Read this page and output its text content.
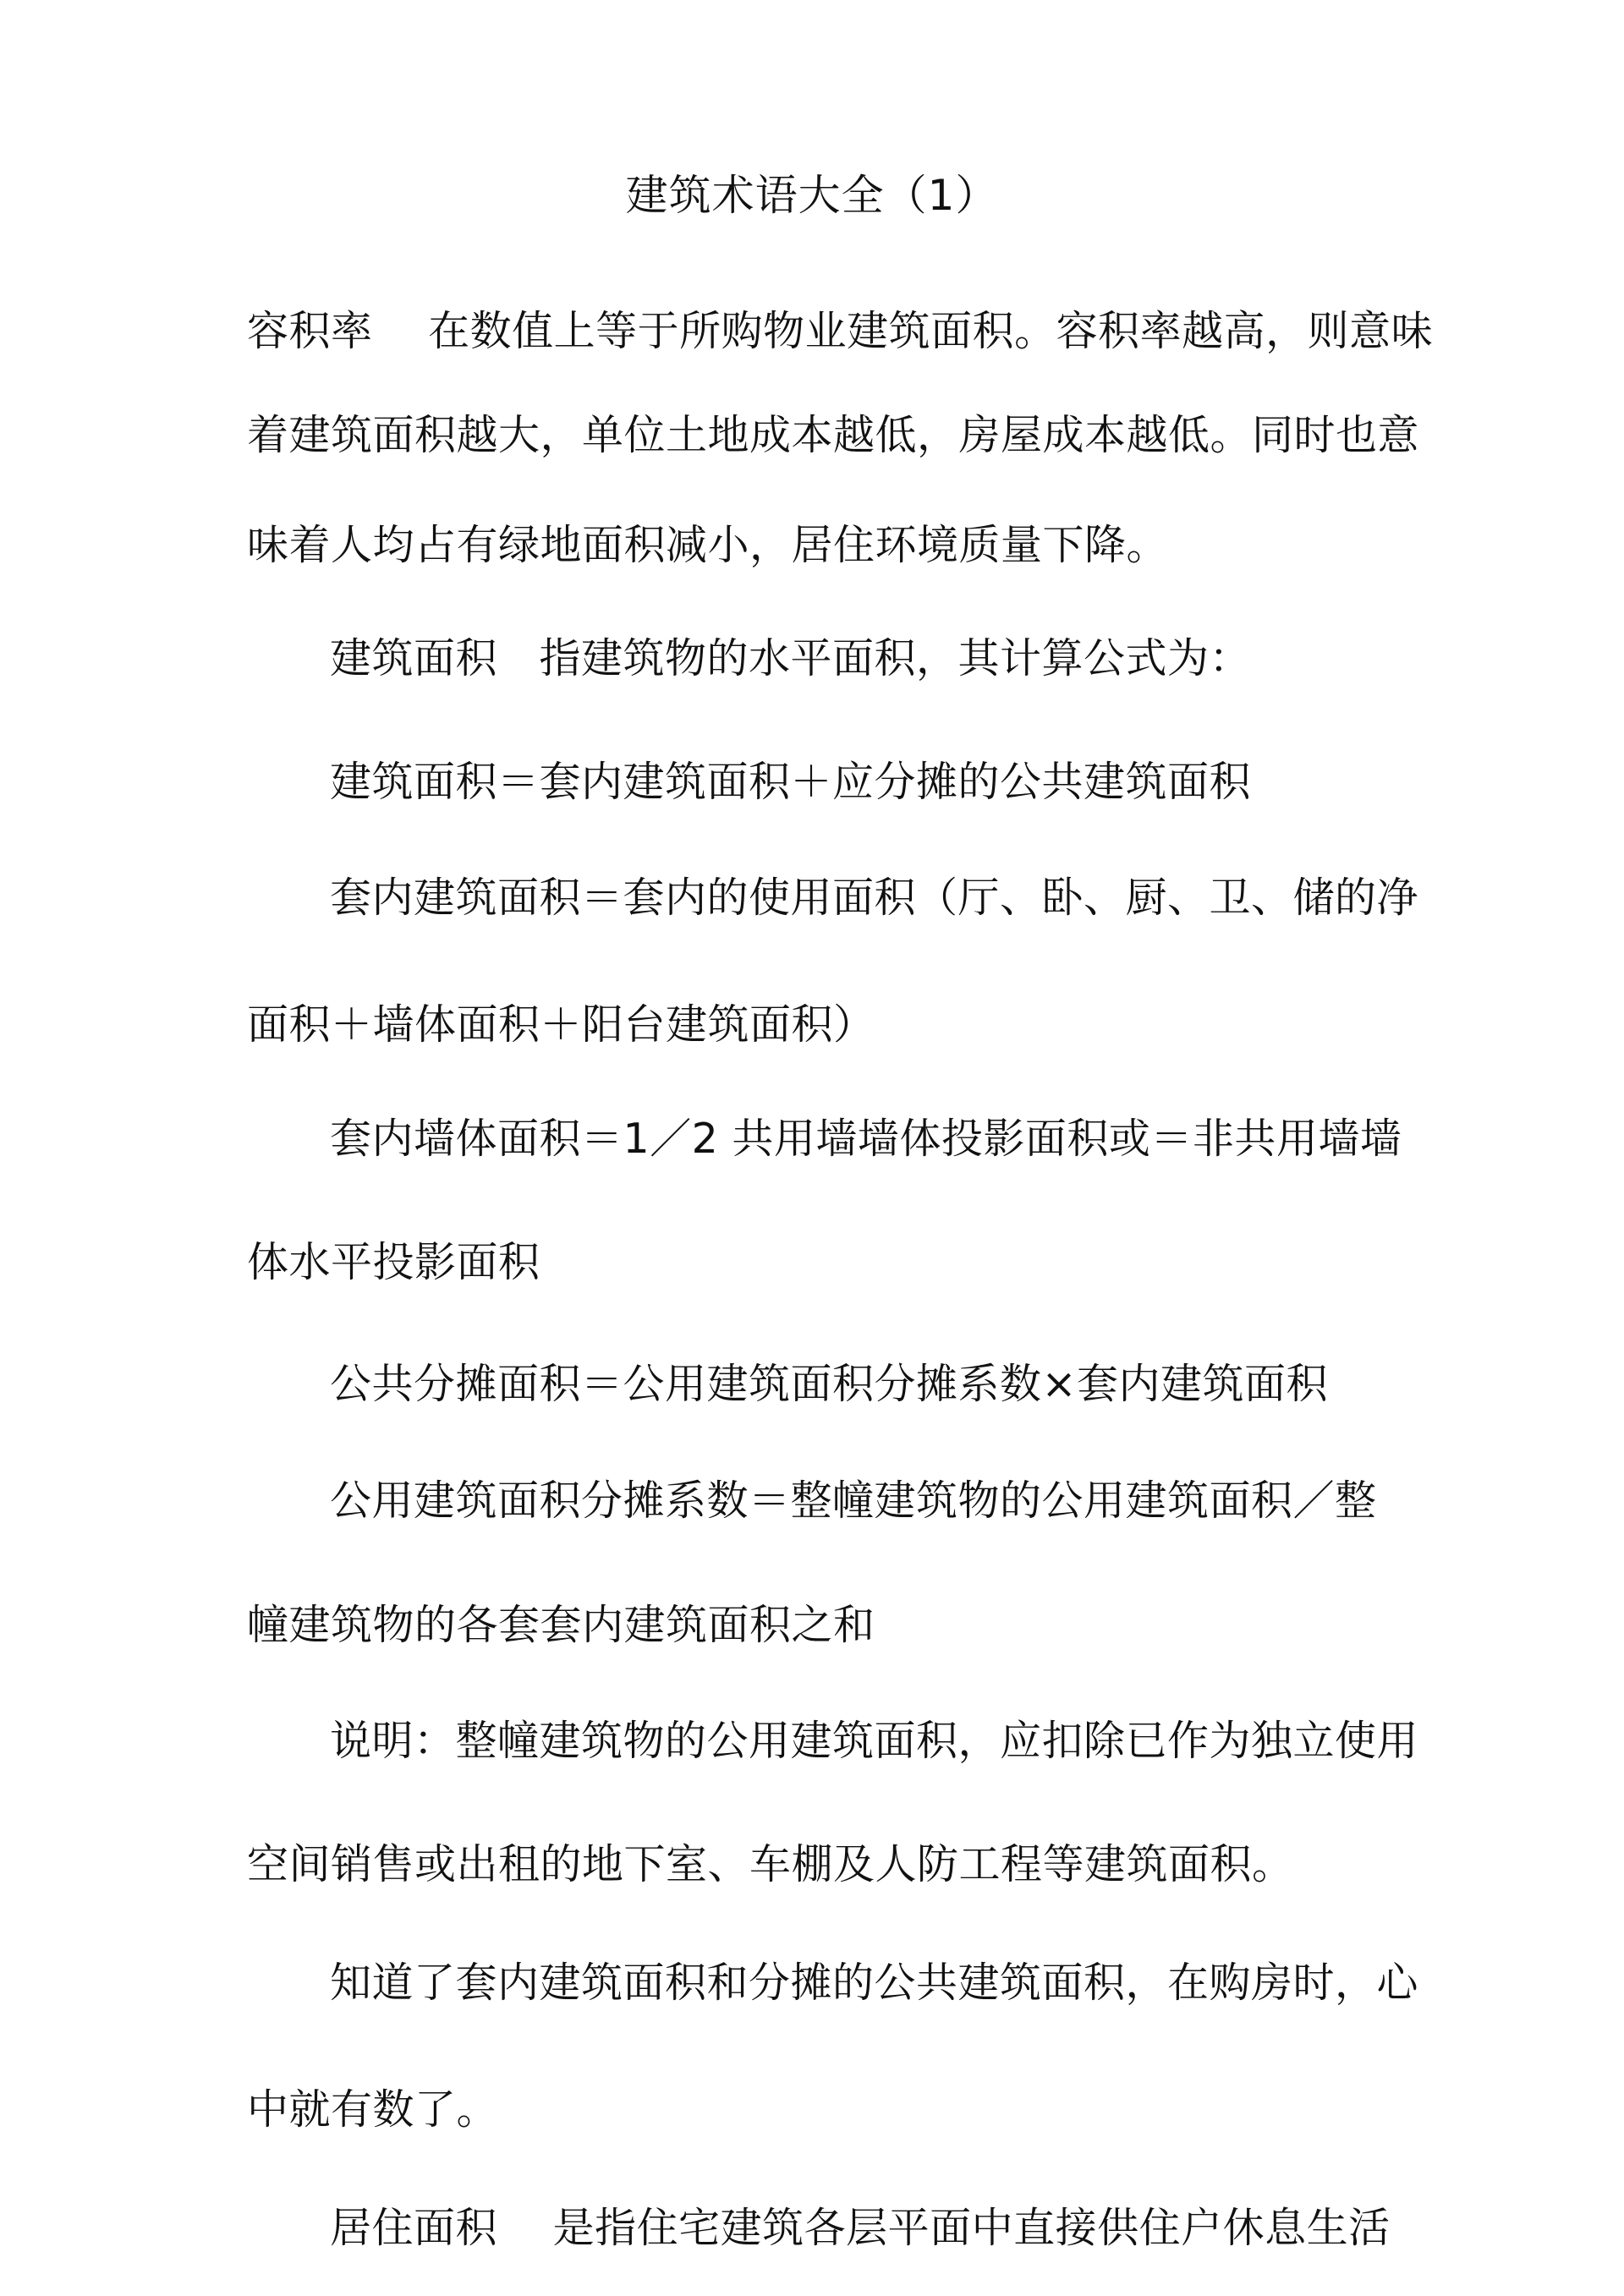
建筑术语大全（1）
容积率　 在数值上等于所购物业建筑面积。容积率越高，则意味
着建筑面积越大，单位土地成本越低，房屋成本越低。同时也意
味着人均占有绿地面积减小，居住环境质量下降。
建筑面积　指建筑物的水平面积，其计算公式为：
建筑面积＝套内建筑面积＋应分摊的公共建筑面积
套内建筑面积＝套内的使用面积（厅、卧、厨、卫、储的净
面积＋墙体面积＋阳台建筑面积）
套内墙体面积＝1／2 共用墙墙体投影面积或＝非共用墙墙
体水平投影面积
公共分摊面积＝公用建筑面积分摊系数×套内建筑面积
公用建筑面积分摊系数＝整幢建筑物的公用建筑面积／整
幢建筑物的各套套内建筑面积之和
说明：整幢建筑物的公用建筑面积，应扣除已作为独立使用
空间销售或出租的地下室、车棚及人防工程等建筑面积。
知道了套内建筑面积和分摊的公共建筑面积，在购房时，心
中就有数了。
居住面积　 是指住宅建筑各层平面中直接供住户休息生活
